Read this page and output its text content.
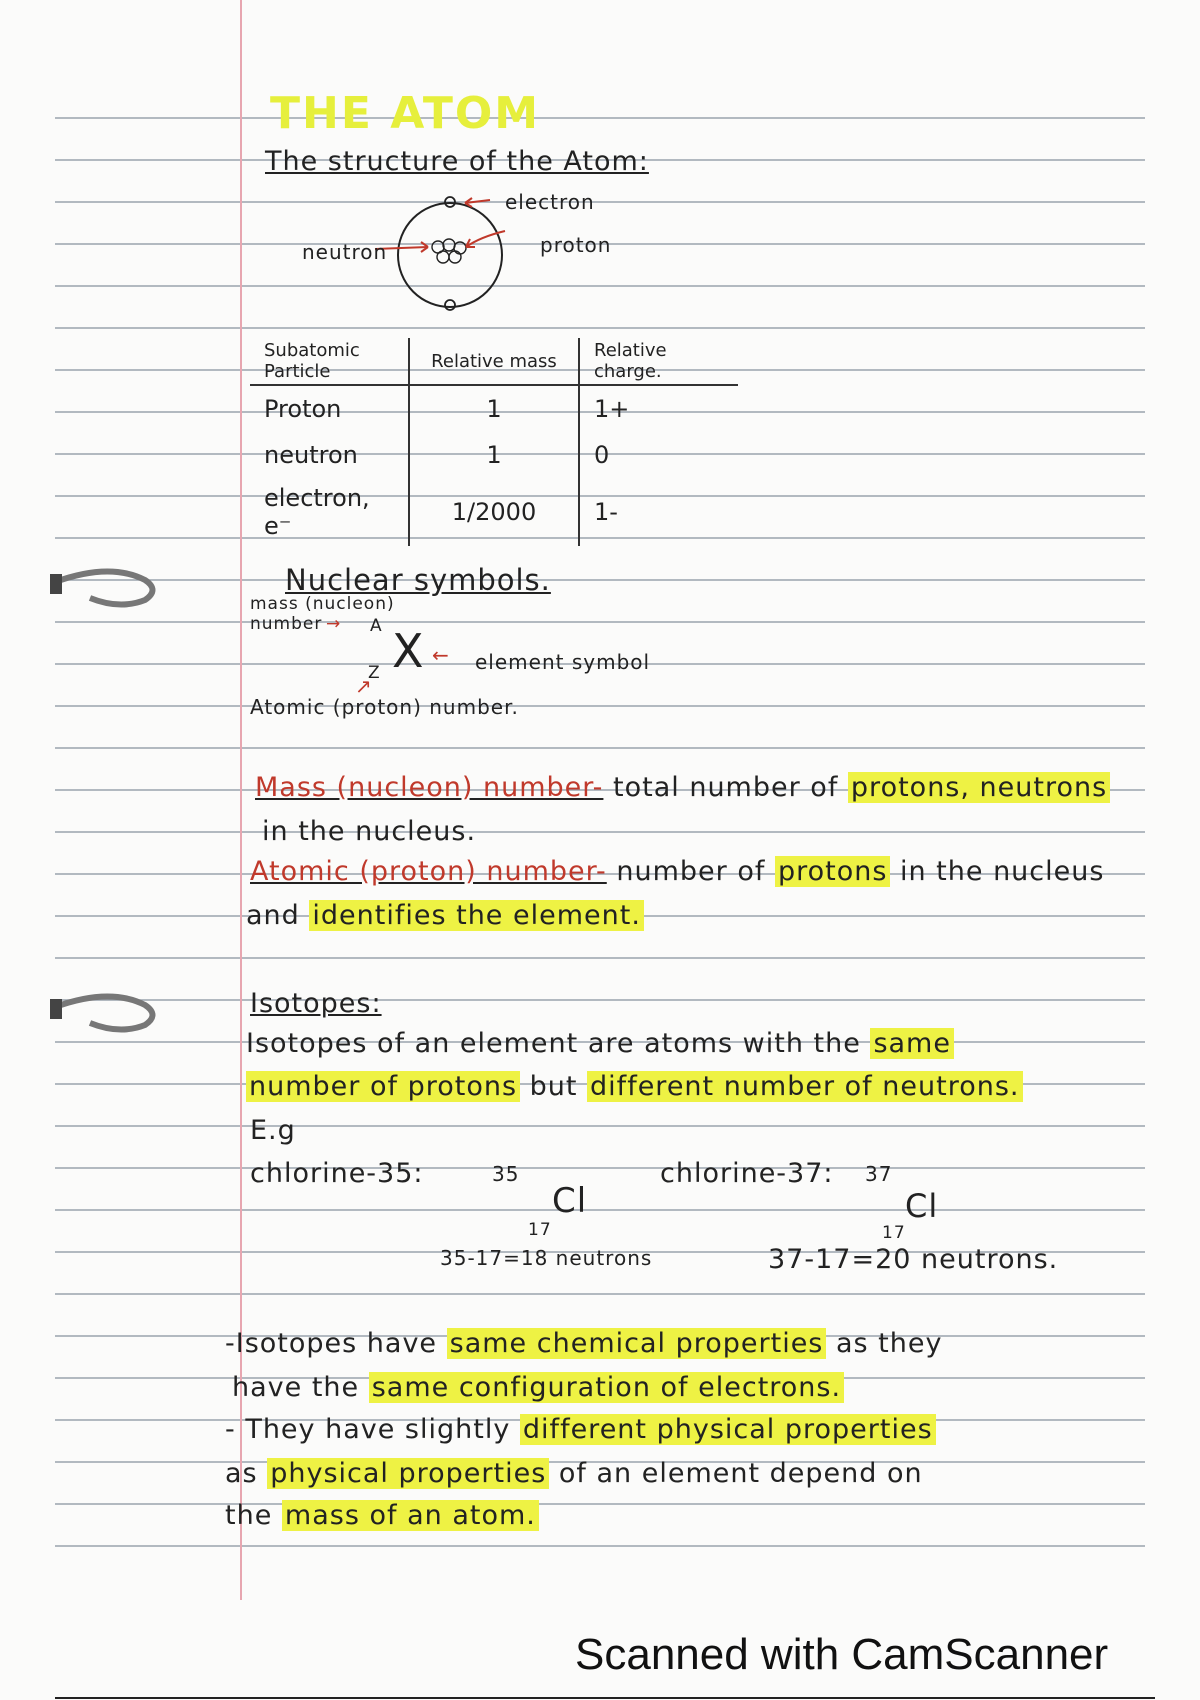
THE ATOM
The structure of the Atom:
electron
proton
neutron
Subatomic Particle	Relative mass	Relative charge.
Proton	1	1+
neutron	1	0
electron, e⁻	1/2000	1-
Nuclear symbols.
mass (nucleon)
number → A X
Z
← element symbol
↗
Atomic (proton) number.
Mass (nucleon) number- total number of protons, neutrons
in the nucleus.
Atomic (proton) number- number of protons in the nucleus
and identifies the element.
Isotopes:
Isotopes of an element are atoms with the same
number of protons but different number of neutrons.
E.g
chlorine-35:	35
Cl
17
35-17=18 neutrons
chlorine-37: 37
Cl
17
37-17=20 neutrons.
-Isotopes have same chemical properties as they
have the same configuration of electrons.
- They have slightly different physical properties
as physical properties of an element depend on
the mass of an atom.
Scanned with CamScanner
